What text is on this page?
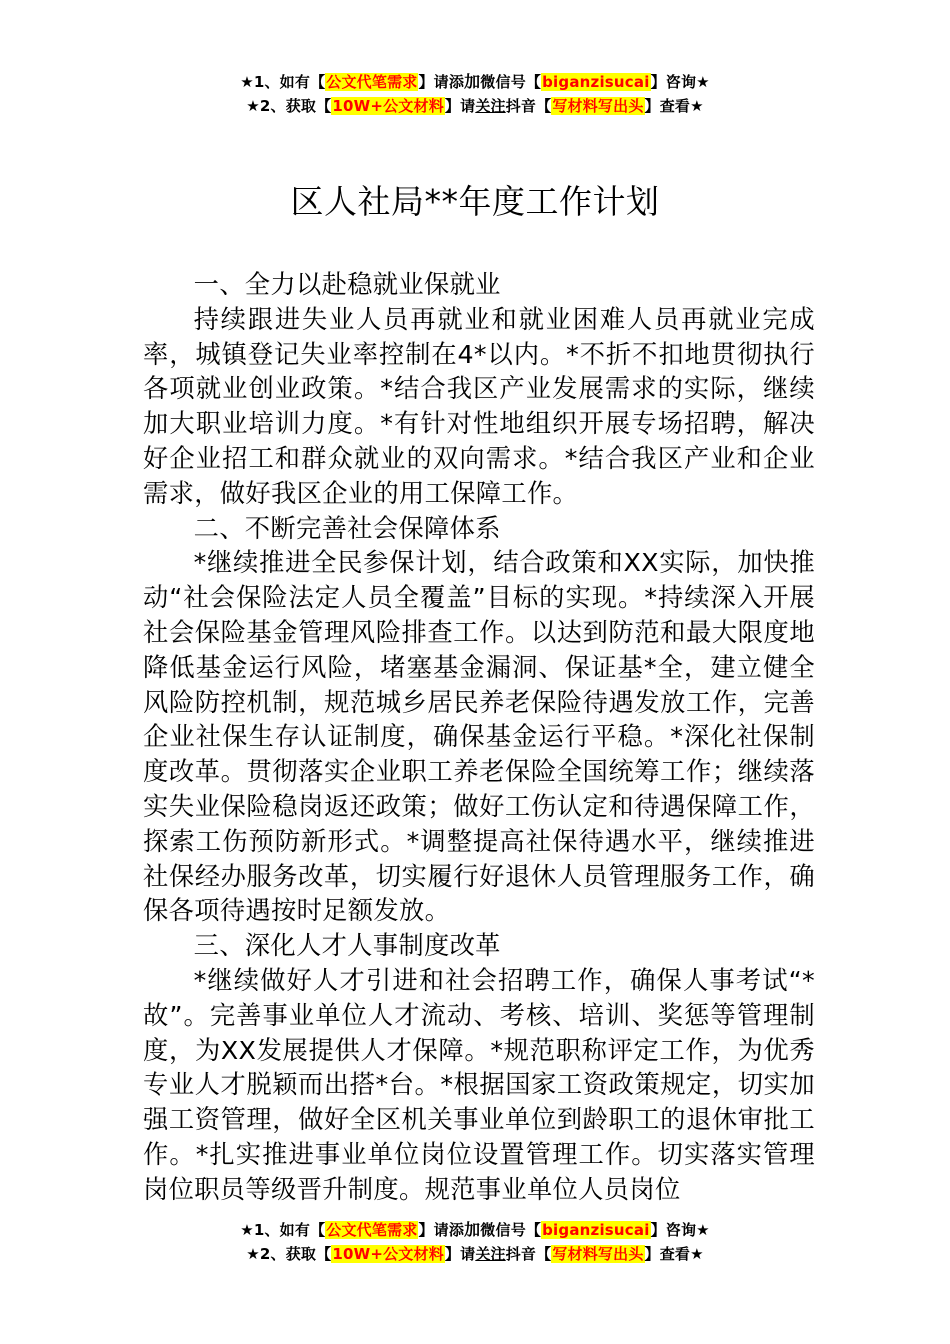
★1、如有【公文代笔需求】请添加微信号【biganzisucai】咨询★
★2、获取【10W+公文材料】请关注抖音【写材料写出头】查看★
区人社局**年度工作计划

一、全力以赴稳就业保就业

持续跟进失业人员再就业和就业困难人员再就业完成率，城镇登记失业率控制在4*以内。*不折不扣地贯彻执行各项就业创业政策。*结合我区产业发展需求的实际，继续加大职业培训力度。*有针对性地组织开展专场招聘，解决好企业招工和群众就业的双向需求。*结合我区产业和企业需求，做好我区企业的用工保障工作。

二、不断完善社会保障体系

*继续推进全民参保计划，结合政策和XX实际，加快推动“社会保险法定人员全覆盖”目标的实现。*持续深入开展社会保险基金管理风险排查工作。以达到防范和最大限度地降低基金运行风险，堵塞基金漏洞、保证基*全，建立健全风险防控机制，规范城乡居民养老保险待遇发放工作，完善企业社保生存认证制度，确保基金运行平稳。*深化社保制度改革。贯彻落实企业职工养老保险全国统筹工作；继续落实失业保险稳岗返还政策；做好工伤认定和待遇保障工作，探索工伤预防新形式。*调整提高社保待遇水平，继续推进社保经办服务改革，切实履行好退休人员管理服务工作，确保各项待遇按时足额发放。

三、深化人才人事制度改革

*继续做好人才引进和社会招聘工作，确保人事考试“*故”。完善事业单位人才流动、考核、培训、奖惩等管理制度，为XX发展提供人才保障。*规范职称评定工作，为优秀专业人才脱颖而出搭*台。*根据国家工资政策规定，切实加强工资管理，做好全区机关事业单位到龄职工的退休审批工作。*扎实推进事业单位岗位设置管理工作。切实落实管理岗位职员等级晋升制度。规范事业单位人员岗位

★1、如有【公文代笔需求】请添加微信号【biganzisucai】咨询★
★2、获取【10W+公文材料】请关注抖音【写材料写出头】查看★
